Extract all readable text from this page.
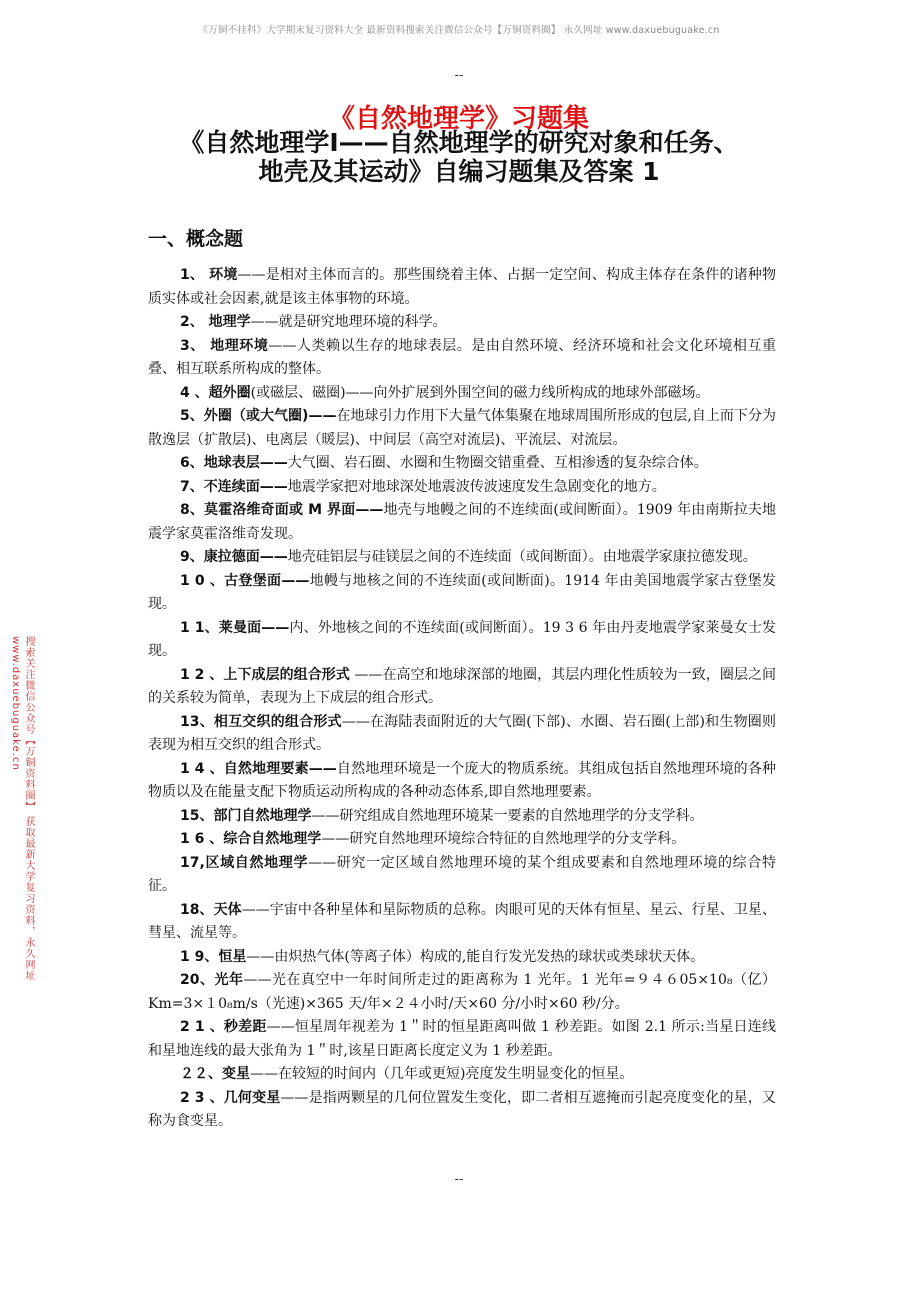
《万铜不挂科》大学期末复习资料大全 最新资料搜索关注微信公众号【万铜资料圈】 永久网址 www.daxuebuguake.cn
--
搜索关注微信公众号【万铜资料圈】 获取最新大学复习资料，永久网址 www.daxuebuguake.cn
《自然地理学》习题集
《自然地理学Ⅰ——自然地理学的研究对象和任务、
地壳及其运动》自编习题集及答案 1
一、概念题

1、 环境——是相对主体而言的。那些围绕着主体、占据一定空间、构成主体存在条件的诸种物质实体或社会因素,就是该主体事物的环境。

2、 地理学——就是研究地理环境的科学。

3、 地理环境——人类赖以生存的地球表层。是由自然环境、经济环境和社会文化环境相互重叠、相互联系所构成的整体。

4 、超外圈(或磁层、磁圈)——向外扩展到外围空间的磁力线所构成的地球外部磁场。

5、外圈（或大气圈)——在地球引力作用下大量气体集聚在地球周围所形成的包层,自上而下分为散逸层（扩散层)、电离层（暖层)、中间层（高空对流层)、平流层、对流层。

6、地球表层——大气圈、岩石圈、水圈和生物圈交错重叠、互相渗透的复杂综合体。

7、不连续面——地震学家把对地球深处地震波传波速度发生急剧变化的地方。

8、莫霍洛维奇面或 M 界面——地壳与地幔之间的不连续面(或间断面）。1909 年由南斯拉夫地震学家莫霍洛维奇发现。

9、康拉德面——地壳硅铝层与硅镁层之间的不连续面（或间断面）。由地震学家康拉德发现。

1 0 、古登堡面——地幔与地核之间的不连续面(或间断面)。1914 年由美国地震学家古登堡发现。

1 1、莱曼面——内、外地核之间的不连续面(或间断面）。19 3 6 年由丹麦地震学家莱曼女士发现。

1 2 、上下成层的组合形式 ——在高空和地球深部的地圈，其层内理化性质较为一致，圈层之间的关系较为简单，表现为上下成层的组合形式。

13、相互交织的组合形式——在海陆表面附近的大气圈(下部)、水圈、岩石圈(上部)和生物圈则表现为相互交织的组合形式。

1 4 、自然地理要素——自然地理环境是一个庞大的物质系统。其组成包括自然地理环境的各种物质以及在能量支配下物质运动所构成的各种动态体系,即自然地理要素。

15、部门自然地理学——研究组成自然地理环境某一要素的自然地理学的分支学科。

1 6 、综合自然地理学——研究自然地理环境综合特征的自然地理学的分支学科。

17,区域自然地理学——研究一定区域自然地理环境的某个组成要素和自然地理环境的综合特征。

18、天体——宇宙中各种星体和星际物质的总称。肉眼可见的天体有恒星、星云、行星、卫星、彗星、流星等。

1 9、恒星——由炽热气体(等离子体）构成的,能自行发光发热的球状或类球状天体。

20、光年——光在真空中一年时间所走过的距离称为 1 光年。1 光年=９４６05×10₈（亿）Km=3×１0₈m/s（光速)×365 天/年×２４小时/天×60 分/小时×60 秒/分。

2 1 、秒差距——恒星周年视差为 1＂时的恒星距离叫做 1 秒差距。如图 2.1 所示:当星日连线和星地连线的最大张角为 1＂时,该星日距离长度定义为 1 秒差距。

２２、变星——在较短的时间内（几年或更短)亮度发生明显变化的恒星。

2 3 、几何变星——是指两颗星的几何位置发生变化，即二者相互遮掩而引起亮度变化的星，又称为食变星。

--
